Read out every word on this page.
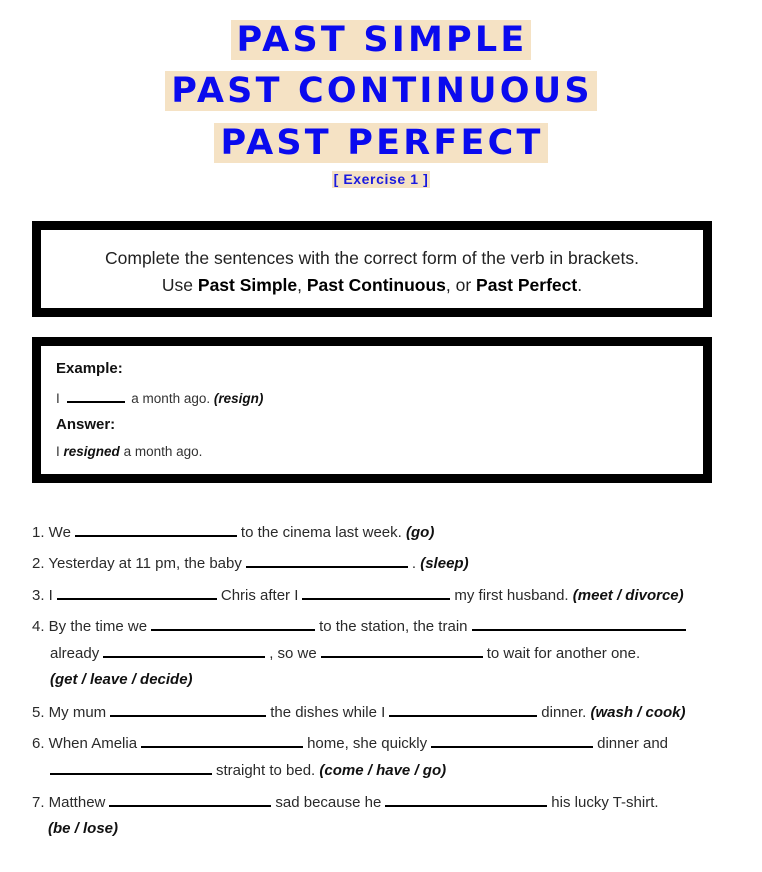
PAST SIMPLE
PAST CONTINUOUS
PAST PERFECT
[ Exercise 1 ]
Complete the sentences with the correct form of the verb in brackets.
Use Past Simple, Past Continuous, or Past Perfect.
Example:
I	a month ago. (resign)
Answer:
I resigned a month ago.
1. We	to the cinema last week. (go)
2. Yesterday at 11 pm, the baby	. (sleep)
3. I	Chris after I	my first husband. (meet / divorce)
4. By the time we	to the station, the train
already	, so we	to wait for another one.
(get / leave / decide)
5. My mum	the dishes while I	dinner. (wash / cook)
6. When Amelia	home, she quickly	dinner and
straight to bed. (come / have / go)
7. Matthew	sad because he	his lucky T-shirt.
(be / lose)
